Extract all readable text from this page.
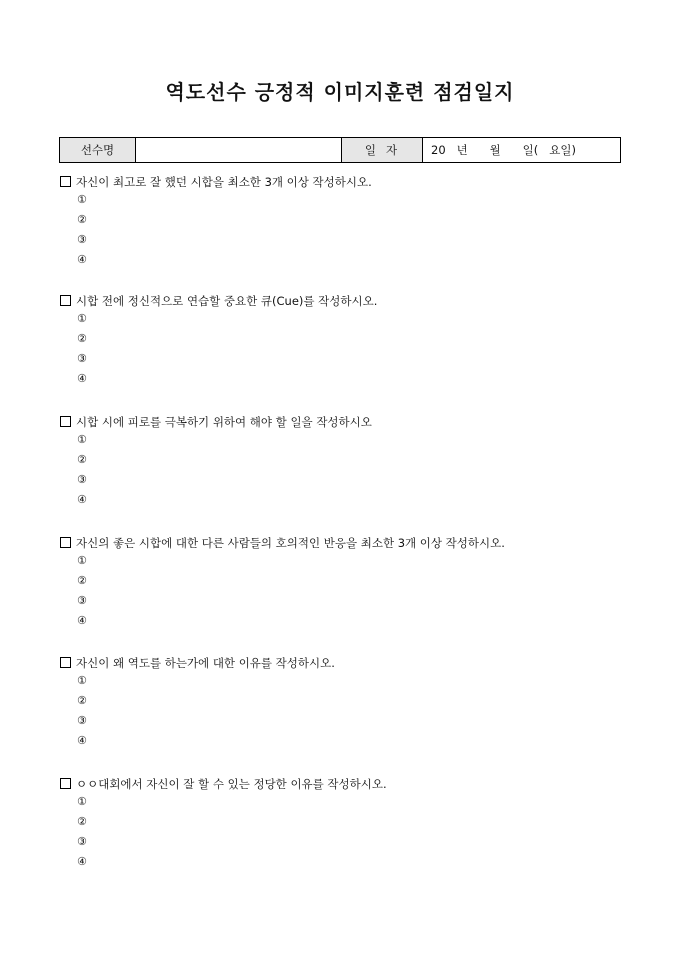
역도선수 긍정적 이미지훈련 점검일지
선수명		일자	20   년      월      일(   요일)
자신이 최고로 잘 했던 시합을 최소한 3개 이상 작성하시오.
①
②
③
④
시합 전에 정신적으로 연습할 중요한 큐(Cue)를 작성하시오.
①
②
③
④
시합 시에 피로를 극복하기 위하여 해야 할 일을 작성하시오
①
②
③
④
자신의 좋은 시합에 대한 다른 사람들의 호의적인 반응을 최소한 3개 이상 작성하시오.
①
②
③
④
자신이 왜 역도를 하는가에 대한 이유를 작성하시오.
①
②
③
④
ㅇㅇ대회에서 자신이 잘 할 수 있는 정당한 이유를 작성하시오.
①
②
③
④
